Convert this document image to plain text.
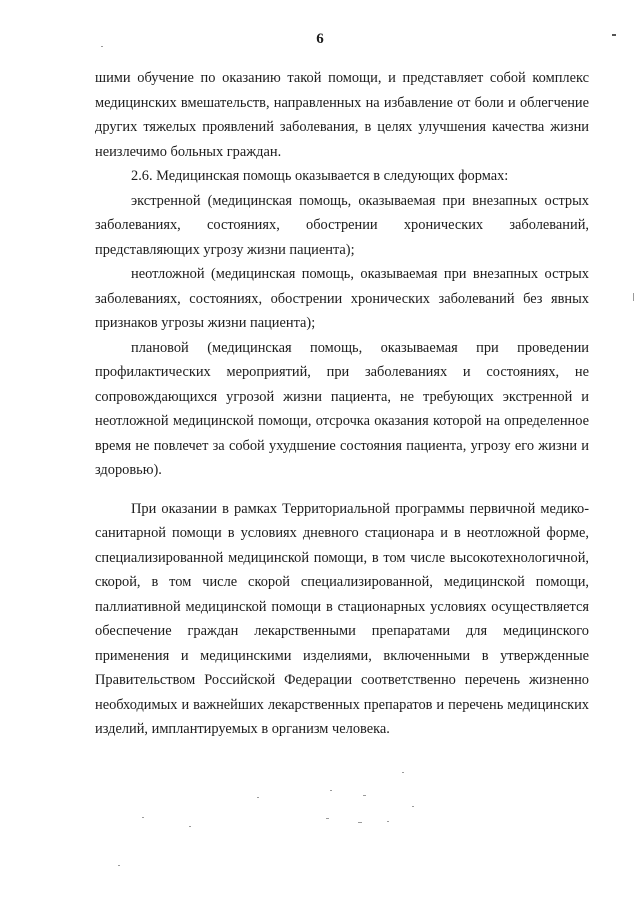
6

шими обучение по оказанию такой помощи, и представляет собой комплекс медицинских вмешательств, направленных на избавление от боли и облегчение других тяжелых проявлений заболевания, в целях улучшения качества жизни неизлечимо больных граждан.

2.6. Медицинская помощь оказывается в следующих формах:

экстренной (медицинская помощь, оказываемая при внезапных острых заболеваниях, состояниях, обострении хронических заболеваний, представляющих угрозу жизни пациента);

неотложной (медицинская помощь, оказываемая при внезапных острых заболеваниях, состояниях, обострении хронических заболеваний без явных признаков угрозы жизни пациента);

плановой (медицинская помощь, оказываемая при проведении профилактических мероприятий, при заболеваниях и состояниях, не сопровождающихся угрозой жизни пациента, не требующих экстренной и неотложной медицинской помощи, отсрочка оказания которой на определенное время не повлечет за собой ухудшение состояния пациента, угрозу его жизни и здоровью).

При оказании в рамках Территориальной программы первичной медико-санитарной помощи в условиях дневного стационара и в неотложной форме, специализированной медицинской помощи, в том числе высокотехнологичной, скорой, в том числе скорой специализированной, медицинской помощи, паллиативной медицинской помощи в стационарных условиях осуществляется обеспечение граждан лекарственными препаратами для медицинского применения и медицинскими изделиями, включенными в утвержденные Правительством Российской Федерации соответственно перечень жизненно необходимых и важнейших лекарственных препаратов и перечень медицинских изделий, имплантируемых в организм человека.
